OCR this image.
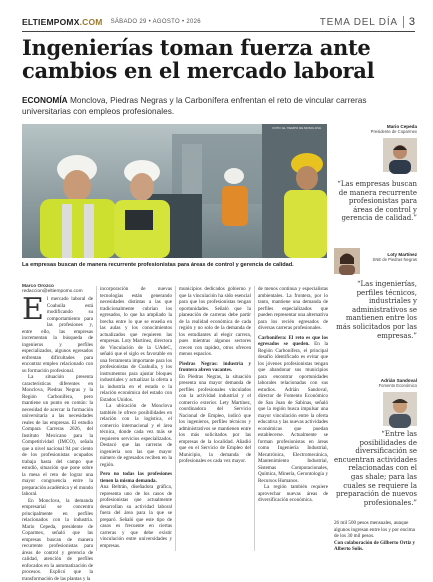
ELTIEMPOMX.COM SÁBADO 29 • AGOSTO • 2026	TEMA DEL DÍA 3
Ingenierías toman fuerza ante cambios en el mercado laboral

ECONOMÍA Monclova, Piedras Negras y la Carbonífera enfrentan el reto de vincular carreras universitarias con empleos profesionales.

FOTO: EL TIEMPO DE MONCLOVA
La empresas buscan de manera recurrente profesionistas para áreas de control y gerencia de calidad.
Mario Cepeda
Presidente de Coparmex
“Las empresas buscan de manera recurrente profesionistas para áreas de control y gerencia de calidad.”
Loty Martínez
SNE de Piedras Negras
“Las ingenierías, perfiles técnicos, industriales y administrativos se mantienen entre los más solicitados por las empresas.”
Adrián Sandoval
Fomento Económico
“Entre las posibilidades de diversificación se encuentran actividades relacionadas con el gas shale; para las cuales se requiere la preparación de nuevos profesionales.”
Marco Orozco
redaccion@eltiempomx.com

El mercado laboral de Coahuila está modificando su comportamiento para las profesiones y, entre ello, las empresas incrementan la búsqueda de ingenieros y perfiles especializados, algunos egresados enfrentan dificultades para encontrar empleo relacionado con su formación profesional.

La situación presenta características diferentes en Monclova, Piedras Negras y la Región Carbonífera, pero mantiene un punto en común: la necesidad de acercar la formación universitaria a las necesidades reales de las empresas. El estudio Compara Carreras 2026, del Instituto Mexicano para la Competitividad (IMCO), señala que a nivel nacional 94 por ciento de los profesionistas ocupados trabaja hasta del campo que estudió, situación que pone sobre la mesa el reto de lograr una mayor congruencia entre la preparación académica y el mundo laboral.

En Monclova, la demanda empresarial se concentra principalmente en perfiles relacionados con la industria. Mario Cepeda, presidente de Coparmex, señaló que las empresas buscan de manera recurrente profesionistas para áreas de control y gerencia de calidad, atención de perfiles enfocados en la automatización de procesos. Explicó que la transformación de las plantas y la

incorporación de nuevas tecnologías están generando necesidades distintas a las que tradicionalmente cubrían los egresados, lo que ha ampliado la brecha entre lo que se enseña en las aulas y los conocimientos actualizados que requieren las empresas. Loty Martínez, directora de Vinculación de la UAdeC, señaló que el siglo es favorable en una ferramenta importante para los profesionistas de Coahuila, y los instrumentos para ajustar bloques industriales y actualizar la oferta a la industria en el estado o la relación económica del estado con Estados Unidos.

La ubicación de Monclova también le ofrece posibilidades en relación con la logística, el comercio internacional y el área técnica, donde cada vez más se requieren servicios especializados. Destacó que las carreras de ingeniería son las que mayor número de egresados reciben en la región.

Pero no todas las profesiones tienen la misma demanda.

Ana Beltrán, diseñadora gráfica, representa uno de los casos de profesionistas que actualmente desarrollan su actividad laboral fuera del área para la que se preparó. Señaló que este tipo de casos es frecuente en ciertas carreras y que debe existir vinculación entre universidades y empresas.

municipios dedicados gobierno y que la vinculación ha sido esencial para que los profesionistas tengan oportunidades. Señaló que la planeación de carreras debe partir de la realidad económica de cada región y no solo de la demanda de los estudiantes al elegir carrera, pues mientras algunos sectores crecen con rapidez, otros ofrecen menos espacios.

Piedras Negras: industria y frontera abren vacantes.

En Piedras Negras, la situación presenta una mayor demanda de perfiles profesionales vinculados con la actividad industrial y el comercio exterior. Lety Martínez, coordinadora del Servicio Nacional de Empleo, indicó que los ingenieros, perfiles técnicos y administrativos se mantienen entre los más solicitados por las empresas de la localidad. Añadió que en el Servicio de Empleo del Municipio, la demanda de profesionales es cada vez mayor.

de menos continua y especialistas ambientales. La frontera, por lo tanto, mantiene una demanda de perfiles especializados que pueden representar una alternativa para los recién egresados de diversas carreras profesionales.

Carbonífera: El reto es que los egresados se queden. En la Región Carbonífera, el principal desafío identificado es evitar que los jóvenes profesionistas tengan que abandonar sus municipios para encontrar oportunidades laborales relacionadas con sus estudios. Adrián Sandoval, director de Fomento Económico de San Juan de Sabinas, señaló que la región busca impulsar una mayor vinculación entre la oferta educativa y las nuevas actividades económicas que puedan establecerse. Actualmente se forman profesionistas en áreas como Ingeniería Industrial, Mecatrónica, Electromecánica, Mantenimiento Industrial, Sistemas Computacionales, Química, Minería, Gerontología y Recursos Humanos.

La región también requiere aprovechar nuevas áreas de diversificación económica.

26 mil 500 pesos mensuales, aunque algunos ingresan entre los y por encima de los 30 mil pesos.

Con colaboración de Gilberto Ortiz y Alberto Solís.
